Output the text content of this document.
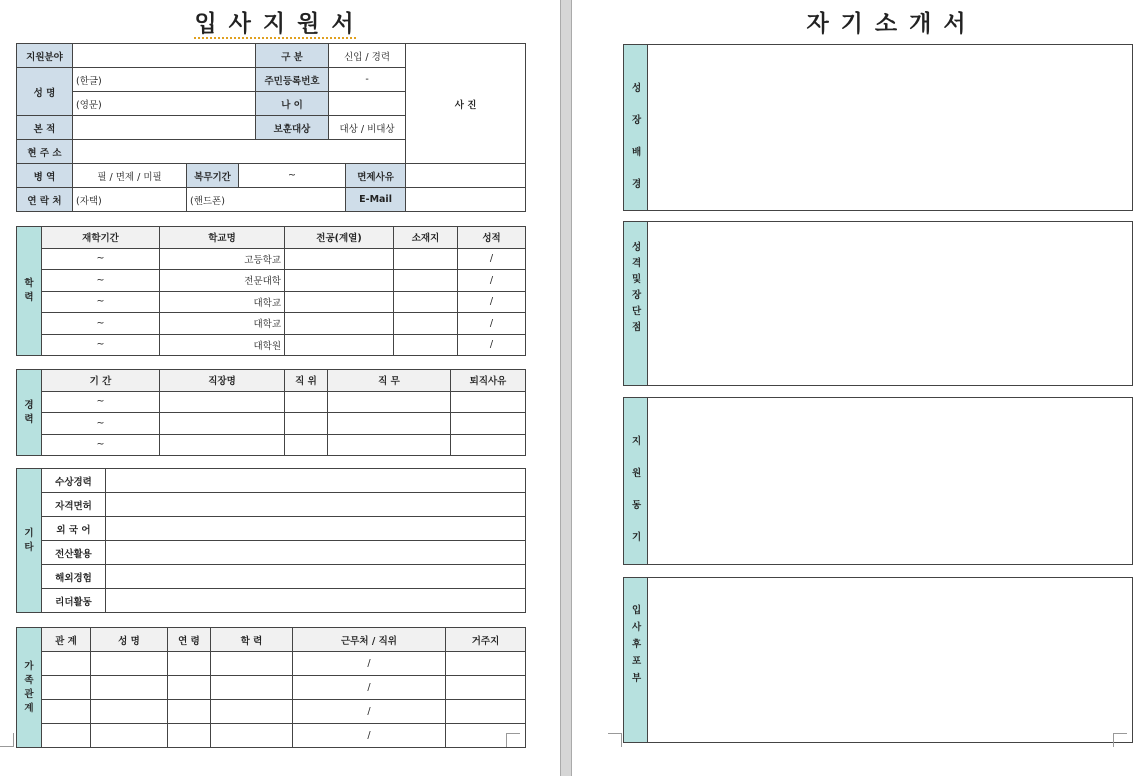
입 사 지 원 서
지원분야				구 분	신입 / 경력		사 진
성 명	(한글)			주민등록번호	-		
	(영문)			나 이			
본 적				보훈대상	대상 / 비대상		
현 주 소							
병 역	필 / 면제 / 미필	복무기간	~			면제사유	
연 락 처	(자택)	(핸드폰)				E-Mail	
학 력	재학기간	학교명	전공(계열)	소재지	성적
	~	고등학교			/
	~	전문대학			/
	~	대학교			/
	~	대학교			/
	~	대학원			/
경 력	기 간	직장명	직 위	직 무	퇴직사유
	~				
	~				
	~				
기 타	수상경력	
	자격면허	
	외 국 어	
	전산활용	
	해외경험	
	리더활동	
가 족 관 계	관 계	성 명	연 령	학 력	근무처 / 직위	거주지
					/	
					/	
					/	
					/	
자 기 소 개 서
성 장 배 경
성 격 및 장 단 점
지 원 동 기
입 사 후 포 부
